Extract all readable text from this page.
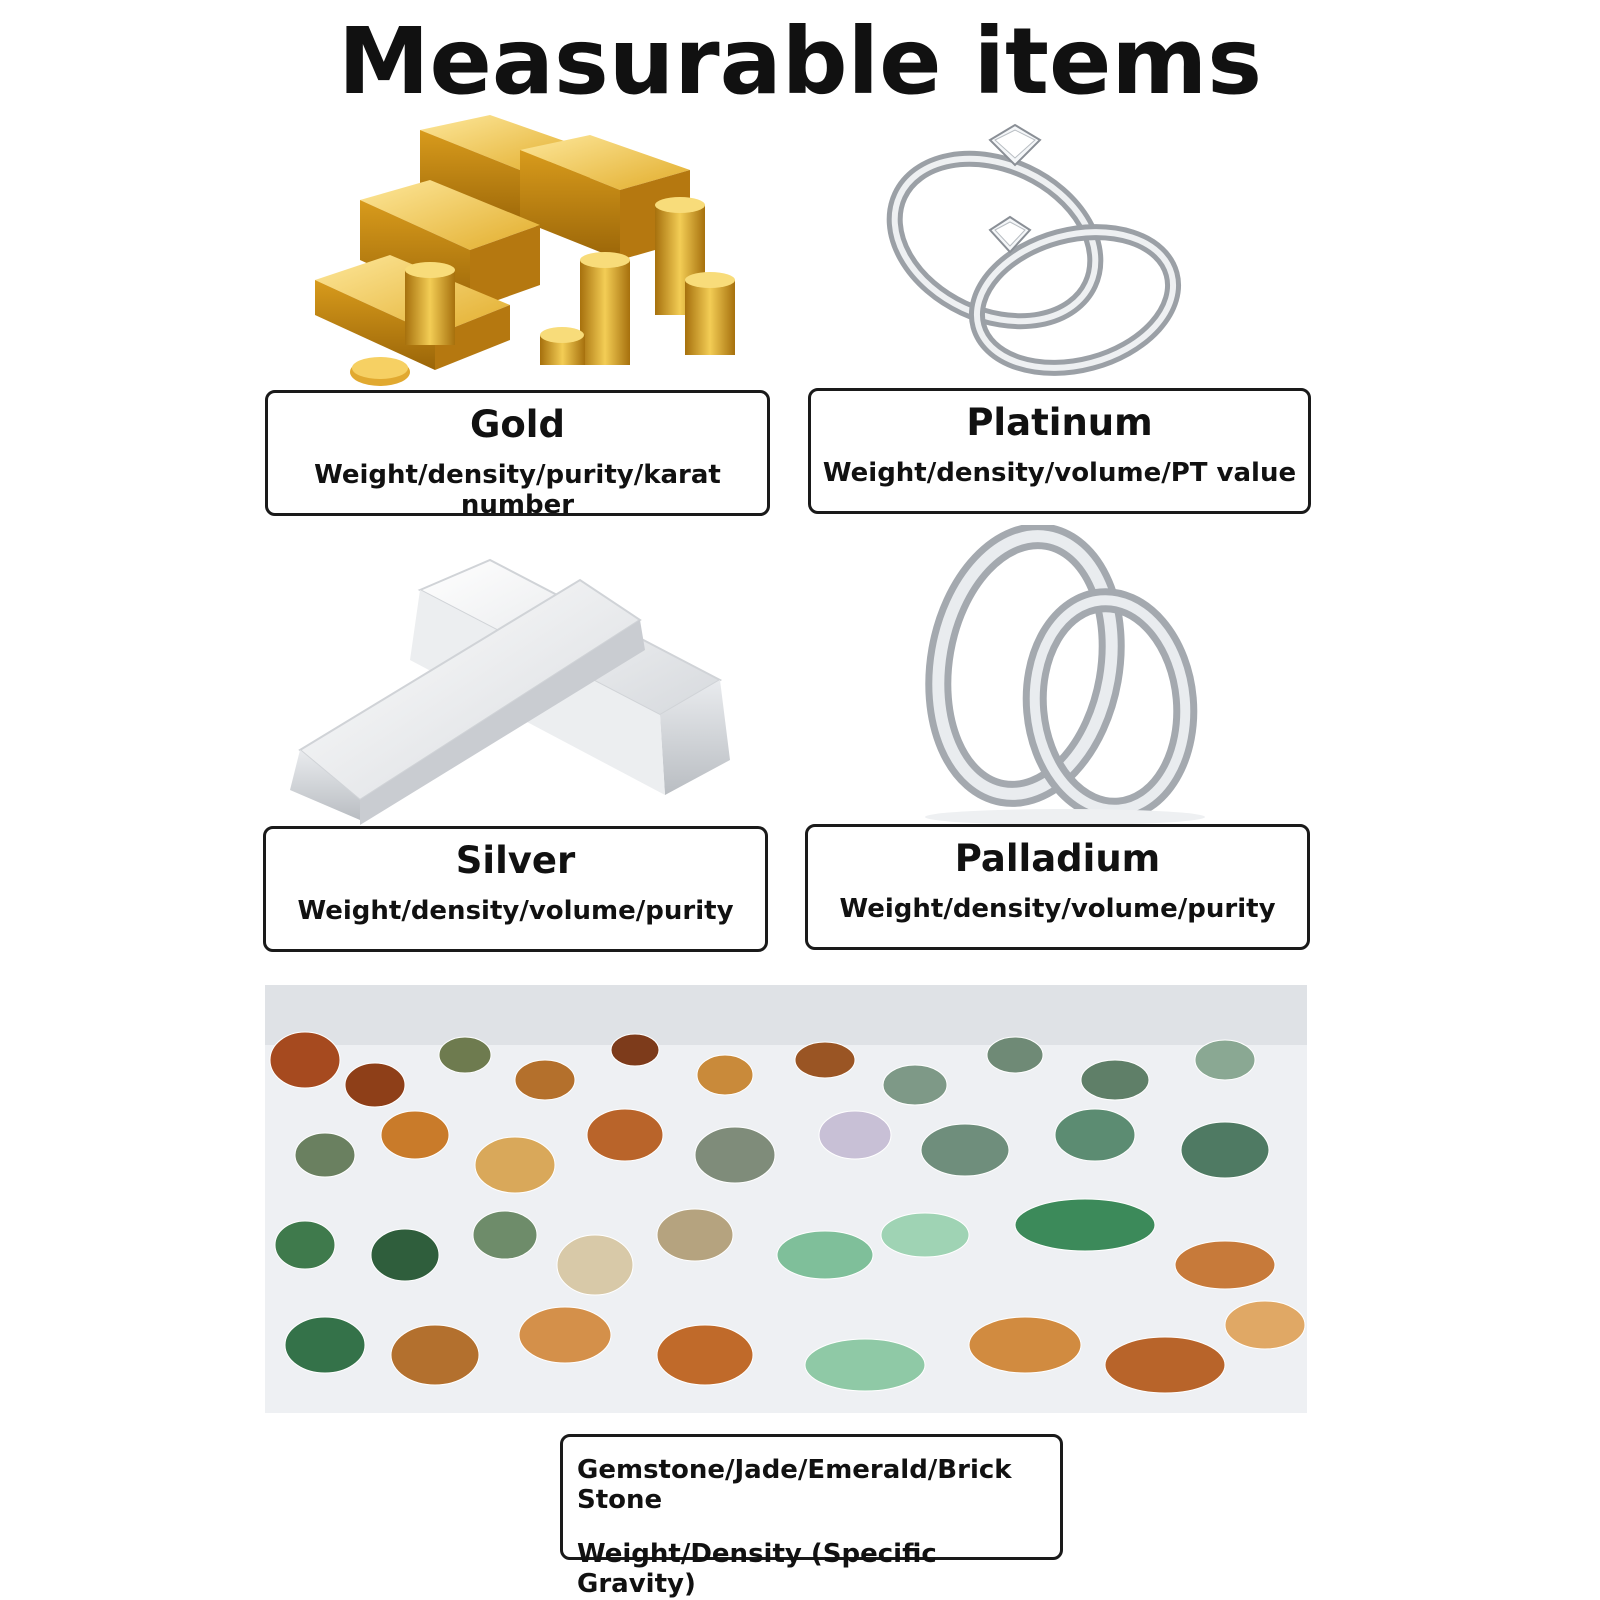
Measurable items
Gold
Weight/density/purity/karat number
Platinum
Weight/density/volume/PT value
Silver
Weight/density/volume/purity
Palladium
Weight/density/volume/purity
Gemstone/Jade/Emerald/Brick Stone
Weight/Density (Specific Gravity)
